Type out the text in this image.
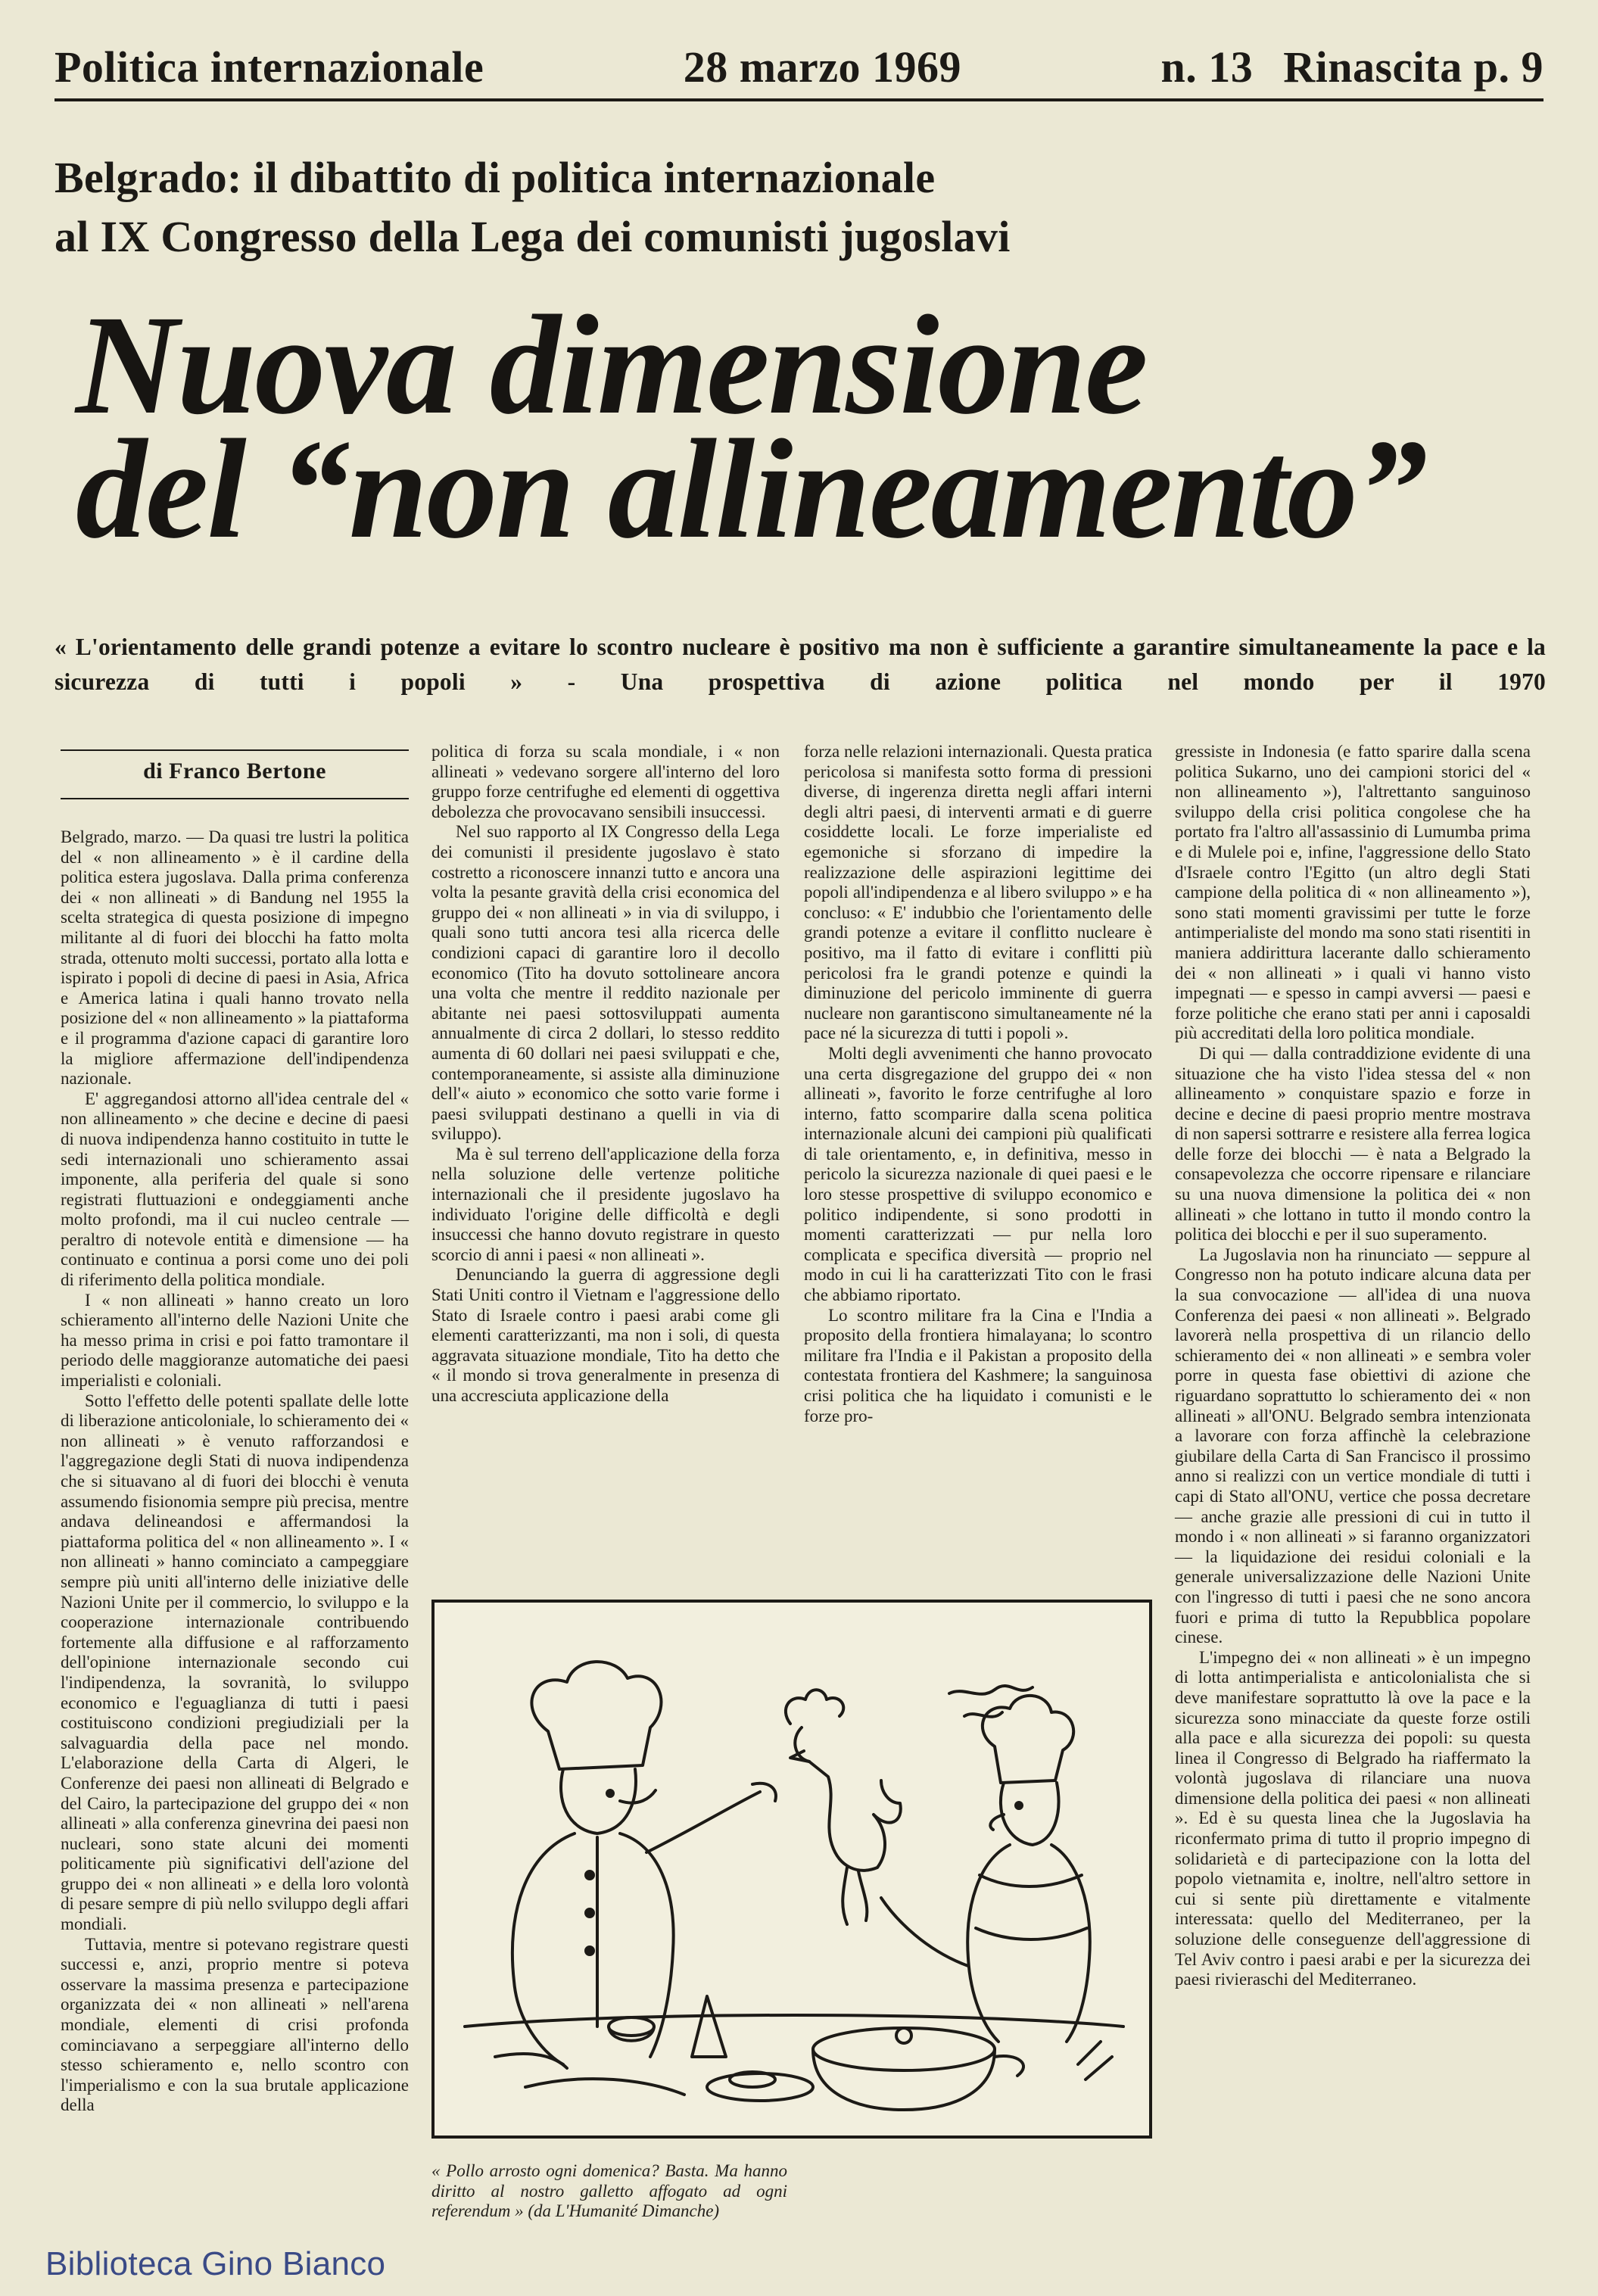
Politica internazionale	28 marzo 1969	n. 13 Rinascita p. 9
Belgrado: il dibattito di politica internazionale
al IX Congresso della Lega dei comunisti jugoslavi
Nuova dimensione
del “non allineamento”
« L'orientamento delle grandi potenze a evitare lo scontro nucleare è positivo ma non è sufficiente a garantire simultaneamente la pace e la sicurezza di tutti i popoli » - Una prospettiva di azione politica nel mondo per il 1970
di Franco Bertone

Belgrado, marzo. — Da quasi tre lustri la politica del « non allineamento » è il cardine della politica estera jugoslava. Dalla prima conferenza dei « non allineati » di Bandung nel 1955 la scelta strategica di questa posizione di impegno militante al di fuori dei blocchi ha fatto molta strada, ottenuto molti successi, portato alla lotta e ispirato i popoli di decine di paesi in Asia, Africa e America latina i quali hanno trovato nella posizione del « non allineamento » la piattaforma e il programma d'azione capaci di garantire loro la migliore affermazione dell'indipendenza nazionale.

E' aggregandosi attorno all'idea centrale del « non allineamento » che decine e decine di paesi di nuova indipendenza hanno costituito in tutte le sedi internazionali uno schieramento assai imponente, alla periferia del quale si sono registrati fluttuazioni e ondeggiamenti anche molto profondi, ma il cui nucleo centrale — peraltro di notevole entità e dimensione — ha continuato e continua a porsi come uno dei poli di riferimento della politica mondiale.

I « non allineati » hanno creato un loro schieramento all'interno delle Nazioni Unite che ha messo prima in crisi e poi fatto tramontare il periodo delle maggioranze automatiche dei paesi imperialisti e coloniali.

Sotto l'effetto delle potenti spallate delle lotte di liberazione anticoloniale, lo schieramento dei « non allineati » è venuto rafforzandosi e l'aggregazione degli Stati di nuova indipendenza che si situavano al di fuori dei blocchi è venuta assumendo fisionomia sempre più precisa, mentre andava delineandosi e affermandosi la piattaforma politica del « non allineamento ». I « non allineati » hanno cominciato a campeggiare sempre più uniti all'interno delle iniziative delle Nazioni Unite per il commercio, lo sviluppo e la cooperazione internazionale contribuendo fortemente alla diffusione e al rafforzamento dell'opinione internazionale secondo cui l'indipendenza, la sovranità, lo sviluppo economico e l'eguaglianza di tutti i paesi costituiscono condizioni pregiudiziali per la salvaguardia della pace nel mondo. L'elaborazione della Carta di Algeri, le Conferenze dei paesi non allineati di Belgrado e del Cairo, la partecipazione del gruppo dei « non allineati » alla conferenza ginevrina dei paesi non nucleari, sono state alcuni dei momenti politicamente più significativi dell'azione del gruppo dei « non allineati » e della loro volontà di pesare sempre di più nello sviluppo degli affari mondiali.

Tuttavia, mentre si potevano registrare questi successi e, anzi, proprio mentre si poteva osservare la massima presenza e partecipazione organizzata dei « non allineati » nell'arena mondiale, elementi di crisi profonda cominciavano a serpeggiare all'interno dello stesso schieramento e, nello scontro con l'imperialismo e con la sua brutale applicazione della

politica di forza su scala mondiale, i « non allineati » vedevano sorgere all'interno del loro gruppo forze centrifughe ed elementi di oggettiva debolezza che provocavano sensibili insuccessi.

Nel suo rapporto al IX Congresso della Lega dei comunisti il presidente jugoslavo è stato costretto a riconoscere innanzi tutto e ancora una volta la pesante gravità della crisi economica del gruppo dei « non allineati » in via di sviluppo, i quali sono tutti ancora tesi alla ricerca delle condizioni capaci di garantire loro il decollo economico (Tito ha dovuto sottolineare ancora una volta che mentre il reddito nazionale per abitante nei paesi sottosviluppati aumenta annualmente di circa 2 dollari, lo stesso reddito aumenta di 60 dollari nei paesi sviluppati e che, contemporaneamente, si assiste alla diminuzione dell'« aiuto » economico che sotto varie forme i paesi sviluppati destinano a quelli in via di sviluppo).

Ma è sul terreno dell'applicazione della forza nella soluzione delle vertenze politiche internazionali che il presidente jugoslavo ha individuato l'origine delle difficoltà e degli insuccessi che hanno dovuto registrare in questo scorcio di anni i paesi « non allineati ».

Denunciando la guerra di aggressione degli Stati Uniti contro il Vietnam e l'aggressione dello Stato di Israele contro i paesi arabi come gli elementi caratterizzanti, ma non i soli, di questa aggravata situazione mondiale, Tito ha detto che « il mondo si trova generalmente in presenza di una accresciuta applicazione della

forza nelle relazioni internazionali. Questa pratica pericolosa si manifesta sotto forma di pressioni diverse, di ingerenza diretta negli affari interni degli altri paesi, di interventi armati e di guerre cosiddette locali. Le forze imperialiste ed egemoniche si sforzano di impedire la realizzazione delle aspirazioni legittime dei popoli all'indipendenza e al libero sviluppo » e ha concluso: « E' indubbio che l'orientamento delle grandi potenze a evitare il conflitto nucleare è positivo, ma il fatto di evitare i conflitti più pericolosi fra le grandi potenze e quindi la diminuzione del pericolo imminente di guerra nucleare non garantiscono simultaneamente né la pace né la sicurezza di tutti i popoli ».

Molti degli avvenimenti che hanno provocato una certa disgregazione del gruppo dei « non allineati », favorito le forze centrifughe al loro interno, fatto scomparire dalla scena politica internazionale alcuni dei campioni più qualificati di tale orientamento, e, in definitiva, messo in pericolo la sicurezza nazionale di quei paesi e le loro stesse prospettive di sviluppo economico e politico indipendente, si sono prodotti in momenti caratterizzati — pur nella loro complicata e specifica diversità — proprio nel modo in cui li ha caratterizzati Tito con le frasi che abbiamo riportato.

Lo scontro militare fra la Cina e l'India a proposito della frontiera himalayana; lo scontro militare fra l'India e il Pakistan a proposito della contestata frontiera del Kashmere; la sanguinosa crisi politica che ha liquidato i comunisti e le forze pro-

gressiste in Indonesia (e fatto sparire dalla scena politica Sukarno, uno dei campioni storici del « non allineamento »), l'altrettanto sanguinoso sviluppo della crisi politica congolese che ha portato fra l'altro all'assassinio di Lumumba prima e di Mulele poi e, infine, l'aggressione dello Stato d'Israele contro l'Egitto (un altro degli Stati campione della politica di « non allineamento »), sono stati momenti gravissimi per tutte le forze antimperialiste del mondo ma sono stati risentiti in maniera addirittura lacerante dallo schieramento dei « non allineati » i quali vi hanno visto impegnati — e spesso in campi avversi — paesi e forze politiche che erano stati per anni i caposaldi più accreditati della loro politica mondiale.

Di qui — dalla contraddizione evidente di una situazione che ha visto l'idea stessa del « non allineamento » conquistare spazio e forze in decine e decine di paesi proprio mentre mostrava di non sapersi sottrarre e resistere alla ferrea logica delle forze dei blocchi — è nata a Belgrado la consapevolezza che occorre ripensare e rilanciare su una nuova dimensione la politica dei « non allineati » che lottano in tutto il mondo contro la politica dei blocchi e per il suo superamento.

La Jugoslavia non ha rinunciato — seppure al Congresso non ha potuto indicare alcuna data per la sua convocazione — all'idea di una nuova Conferenza dei paesi « non allineati ». Belgrado lavorerà nella prospettiva di un rilancio dello schieramento dei « non allineati » e sembra voler porre in questa fase obiettivi di azione che riguardano soprattutto lo schieramento dei « non allineati » all'ONU. Belgrado sembra intenzionata a lavorare con forza affinchè la celebrazione giubilare della Carta di San Francisco il prossimo anno si realizzi con un vertice mondiale di tutti i capi di Stato all'ONU, vertice che possa decretare — anche grazie alle pressioni di cui in tutto il mondo i « non allineati » si faranno organizzatori — la liquidazione dei residui coloniali e la generale universalizzazione delle Nazioni Unite con l'ingresso di tutti i paesi che ne sono ancora fuori e prima di tutto la Repubblica popolare cinese.

L'impegno dei « non allineati » è un impegno di lotta antimperialista e anticolonialista che si deve manifestare soprattutto là ove la pace e la sicurezza sono minacciate da queste forze ostili alla pace e alla sicurezza dei popoli: su questa linea il Congresso di Belgrado ha riaffermato la volontà jugoslava di rilanciare una nuova dimensione della politica dei paesi « non allineati ». Ed è su questa linea che la Jugoslavia ha riconfermato prima di tutto il proprio impegno di solidarietà e di partecipazione con la lotta del popolo vietnamita e, inoltre, nell'altro settore in cui si sente più direttamente e vitalmente interessata: quello del Mediterraneo, per la soluzione delle conseguenze dell'aggressione di Tel Aviv contro i paesi arabi e per la sicurezza dei paesi rivieraschi del Mediterraneo.

« Pollo arrosto ogni domenica? Basta. Ma hanno diritto al nostro galletto affogato ad ogni referendum » (da L'Humanité Dimanche)
Biblioteca Gino Bianco
